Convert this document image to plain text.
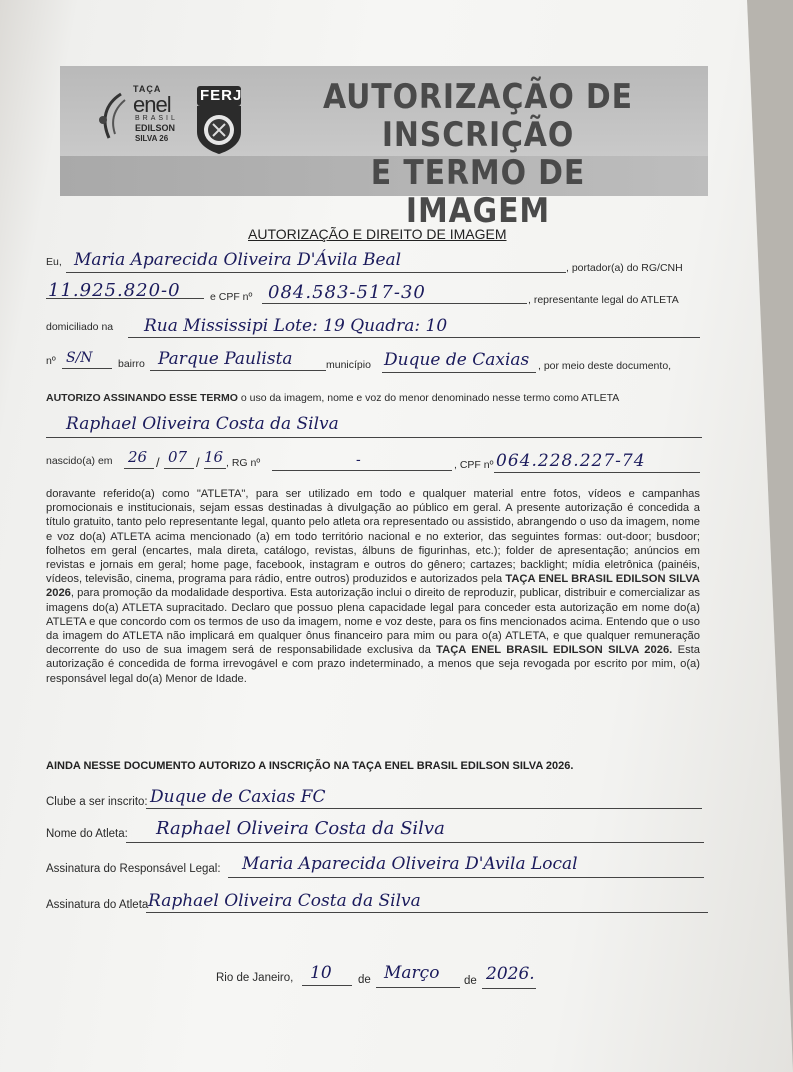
TAÇA
enel
BRASIL
EDILSON
SILVA 26
FERJ	AUTORIZAÇÃO DE INSCRIÇÃO
E TERMO DE IMAGEM
AUTORIZAÇÃO E DIREITO DE IMAGEM
Eu, Maria Aparecida Oliveira D'Ávila Beal	, portador(a) do RG/CNH
11.925.820-0	e CPF nº 084.583-517-30	, representante legal do ATLETA
domiciliado na Rua Mississipi Lote: 19 Quadra: 10
nº S/N bairro Parque Paulista	município Duque de Caxias , por meio deste documento,
AUTORIZO ASSINANDO ESSE TERMO o uso da imagem, nome e voz do menor denominado nesse termo como ATLETA
Raphael Oliveira Costa da Silva
nascido(a) em 26 / 07 / 16 , RG nº	-	, CPF nº 064.228.227-74
doravante referido(a) como "ATLETA", para ser utilizado em todo e qualquer material entre fotos, vídeos e campanhas promocionais e institucionais, sejam essas destinadas à divulgação ao público em geral. A presente autorização é concedida a título gratuito, tanto pelo representante legal, quanto pelo atleta ora representado ou assistido, abrangendo o uso da imagem, nome e voz do(a) ATLETA acima mencionado (a) em todo território nacional e no exterior, das seguintes formas: out-door; busdoor; folhetos em geral (encartes, mala direta, catálogo, revistas, álbuns de figurinhas, etc.); folder de apresentação; anúncios em revistas e jornais em geral; home page, facebook, instagram e outros do gênero; cartazes; backlight; mídia eletrônica (painéis, vídeos, televisão, cinema, programa para rádio, entre outros) produzidos e autorizados pela TAÇA ENEL BRASIL EDILSON SILVA 2026, para promoção da modalidade desportiva. Esta autorização inclui o direito de reproduzir, publicar, distribuir e comercializar as imagens do(a) ATLETA supracitado. Declaro que possuo plena capacidade legal para conceder esta autorização em nome do(a) ATLETA e que concordo com os termos de uso da imagem, nome e voz deste, para os fins mencionados acima. Entendo que o uso da imagem do ATLETA não implicará em qualquer ônus financeiro para mim ou para o(a) ATLETA, e que qualquer remuneração decorrente do uso de sua imagem será de responsabilidade exclusiva da TAÇA ENEL BRASIL EDILSON SILVA 2026. Esta autorização é concedida de forma irrevogável e com prazo indeterminado, a menos que seja revogada por escrito por mim, o(a) responsável legal do(a) Menor de Idade.
AINDA NESSE DOCUMENTO AUTORIZO A INSCRIÇÃO NA TAÇA ENEL BRASIL EDILSON SILVA 2026.
Clube a ser inscrito: Duque de Caxias FC
Nome do Atleta: Raphael Oliveira Costa da Silva
Assinatura do Responsável Legal: Maria Aparecida Oliveira D'Avila Local
Assinatura do Atleta Raphael Oliveira Costa da Silva
Rio de Janeiro, 10 de Março de 2026.
